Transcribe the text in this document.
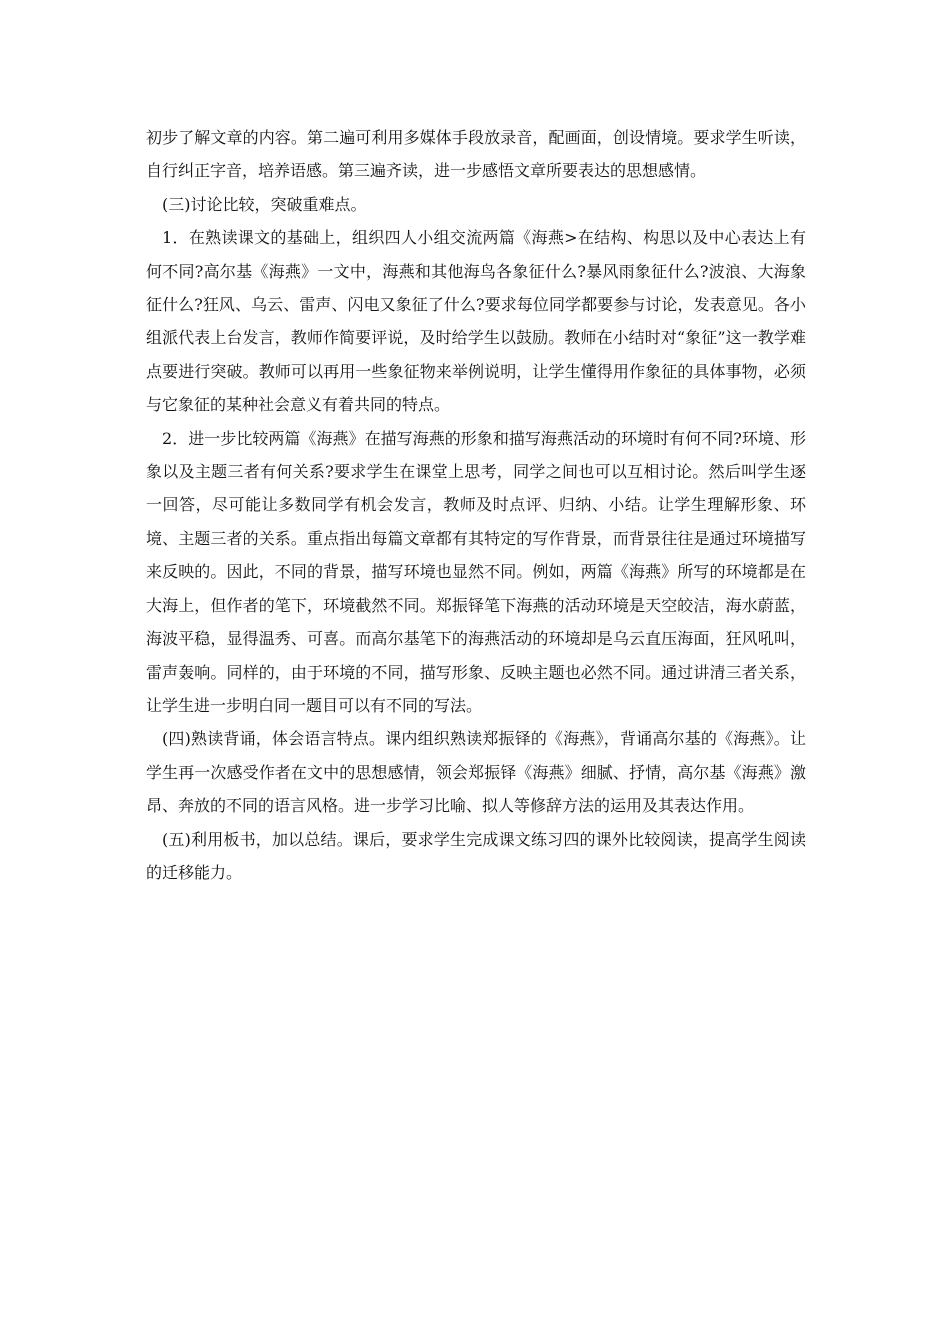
初步了解文章的内容。第二遍可利用多媒体手段放录音，配画面，创设情境。要求学生听读，自行纠正字音，培养语感。第三遍齐读，进一步感悟文章所要表达的思想感情。

(三)讨论比较，突破重难点。

1．在熟读课文的基础上，组织四人小组交流两篇《海燕>在结构、构思以及中心表达上有何不同?高尔基《海燕》一文中，海燕和其他海鸟各象征什么?暴风雨象征什么?波浪、大海象征什么?狂风、乌云、雷声、闪电又象征了什么?要求每位同学都要参与讨论，发表意见。各小组派代表上台发言，教师作简要评说，及时给学生以鼓励。教师在小结时对“象征”这一教学难点要进行突破。教师可以再用一些象征物来举例说明，让学生懂得用作象征的具体事物，必须与它象征的某种社会意义有着共同的特点。

2．进一步比较两篇《海燕》在描写海燕的形象和描写海燕活动的环境时有何不同?环境、形象以及主题三者有何关系?要求学生在课堂上思考，同学之间也可以互相讨论。然后叫学生逐一回答，尽可能让多数同学有机会发言，教师及时点评、归纳、小结。让学生理解形象、环境、主题三者的关系。重点指出每篇文章都有其特定的写作背景，而背景往往是通过环境描写来反映的。因此，不同的背景，描写环境也显然不同。例如，两篇《海燕》所写的环境都是在大海上，但作者的笔下，环境截然不同。郑振铎笔下海燕的活动环境是天空皎洁，海水蔚蓝，海波平稳，显得温秀、可喜。而高尔基笔下的海燕活动的环境却是乌云直压海面，狂风吼叫，雷声轰响。同样的，由于环境的不同，描写形象、反映主题也必然不同。通过讲清三者关系，让学生进一步明白同一题目可以有不同的写法。

(四)熟读背诵，体会语言特点。课内组织熟读郑振铎的《海燕》，背诵高尔基的《海燕》。让学生再一次感受作者在文中的思想感情，领会郑振铎《海燕》细腻、抒情，高尔基《海燕》激昂、奔放的不同的语言风格。进一步学习比喻、拟人等修辞方法的运用及其表达作用。

(五)利用板书，加以总结。课后，要求学生完成课文练习四的课外比较阅读，提高学生阅读的迁移能力。
